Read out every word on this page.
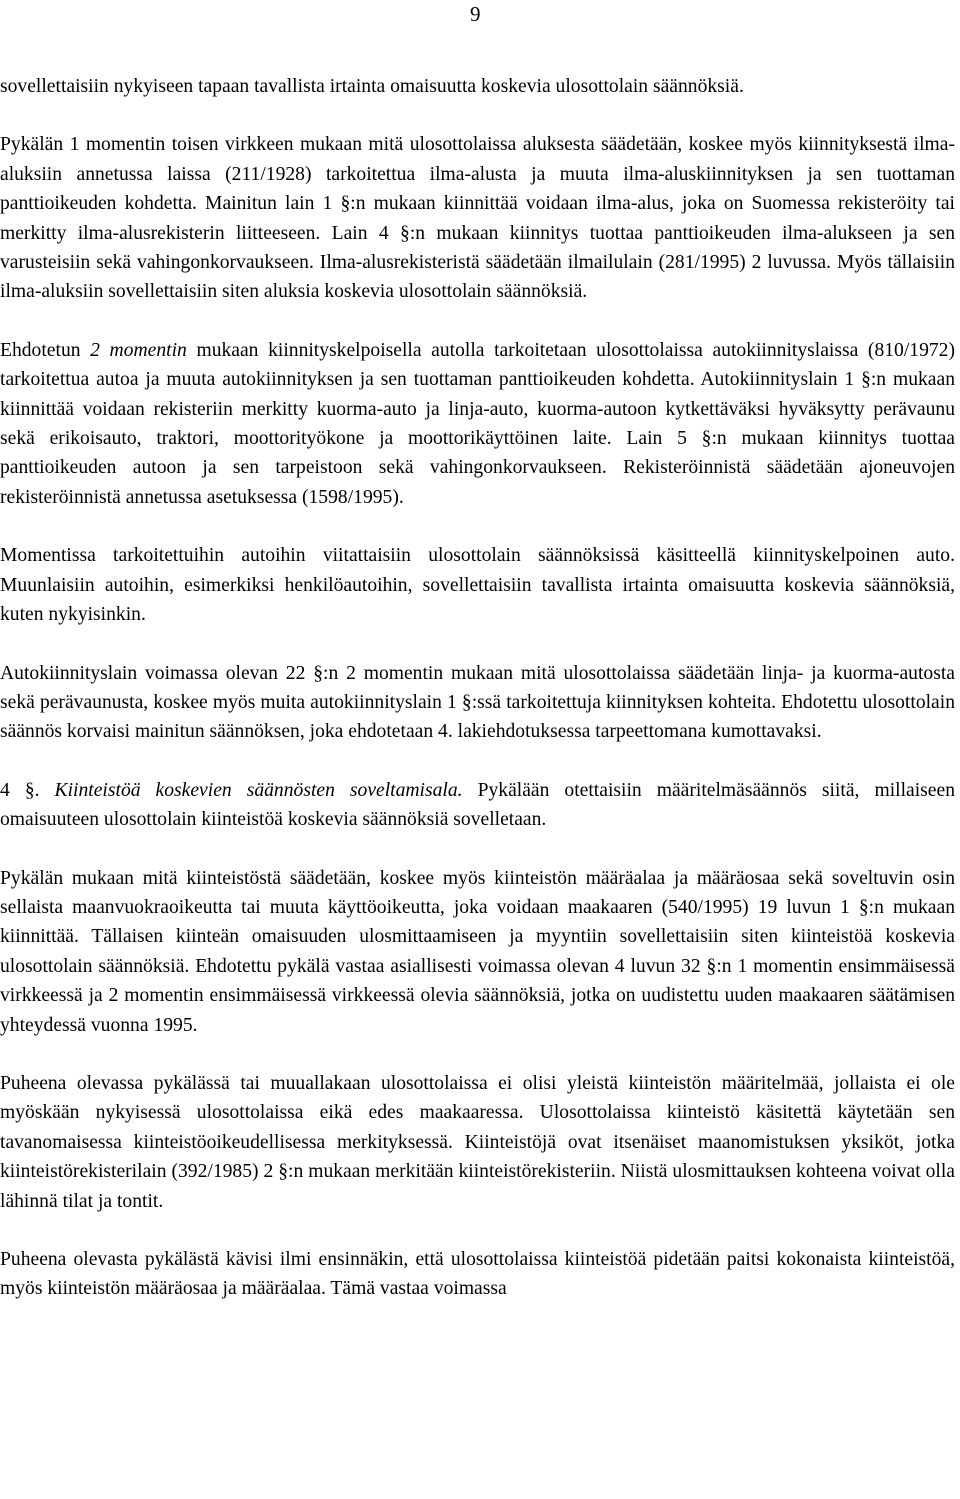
9

sovellettaisiin nykyiseen tapaan tavallista irtainta omaisuutta koskevia ulosottolain säännöksiä.

Pykälän 1 momentin toisen virkkeen mukaan mitä ulosottolaissa aluksesta säädetään, koskee myös kiinnityksestä ilma-aluksiin annetussa laissa (211/1928) tarkoitettua ilma-alusta ja muuta ilma-aluskiinnityksen ja sen tuottaman panttioikeuden kohdetta. Mainitun lain 1 §:n mukaan kiinnittää voidaan ilma-alus, joka on Suomessa rekisteröity tai merkitty ilma-alusrekisterin liitteeseen. Lain 4 §:n mukaan kiinnitys tuottaa panttioikeuden ilma-alukseen ja sen varusteisiin sekä vahingonkorvaukseen. Ilma-alusrekisteristä säädetään ilmailulain (281/1995) 2 luvussa. Myös tällaisiin ilma-aluksiin sovellettaisiin siten aluksia koskevia ulosottolain säännöksiä.

Ehdotetun 2 momentin mukaan kiinnityskelpoisella autolla tarkoitetaan ulosottolaissa autokiinnityslaissa (810/1972) tarkoitettua autoa ja muuta autokiinnityksen ja sen tuottaman panttioikeuden kohdetta. Autokiinnityslain 1 §:n mukaan kiinnittää voidaan rekisteriin merkitty kuorma-auto ja linja-auto, kuorma-autoon kytkettäväksi hyväksytty perävaunu sekä erikoisauto, traktori, moottorityökone ja moottorikäyttöinen laite. Lain 5 §:n mukaan kiinnitys tuottaa panttioikeuden autoon ja sen tarpeistoon sekä vahingonkorvaukseen. Rekisteröinnistä säädetään ajoneuvojen rekisteröinnistä annetussa asetuksessa (1598/1995).

Momentissa tarkoitettuihin autoihin viitattaisiin ulosottolain säännöksissä käsitteellä kiinnityskelpoinen auto. Muunlaisiin autoihin, esimerkiksi henkilöautoihin, sovellettaisiin tavallista irtainta omaisuutta koskevia säännöksiä, kuten nykyisinkin.

Autokiinnityslain voimassa olevan 22 §:n 2 momentin mukaan mitä ulosottolaissa säädetään linja- ja kuorma-autosta sekä perävaunusta, koskee myös muita autokiinnityslain 1 §:ssä tarkoitettuja kiinnityksen kohteita. Ehdotettu ulosottolain säännös korvaisi mainitun säännöksen, joka ehdotetaan 4. lakiehdotuksessa tarpeettomana kumottavaksi.

4 §. Kiinteistöä koskevien säännösten soveltamisala. Pykälään otettaisiin määritelmäsäännös siitä, millaiseen omaisuuteen ulosottolain kiinteistöä koskevia säännöksiä sovelletaan.

Pykälän mukaan mitä kiinteistöstä säädetään, koskee myös kiinteistön määräalaa ja määräosaa sekä soveltuvin osin sellaista maanvuokraoikeutta tai muuta käyttöoikeutta, joka voidaan maakaaren (540/1995) 19 luvun 1 §:n mukaan kiinnittää. Tällaisen kiinteän omaisuuden ulosmittaamiseen ja myyntiin sovellettaisiin siten kiinteistöä koskevia ulosottolain säännöksiä. Ehdotettu pykälä vastaa asiallisesti voimassa olevan 4 luvun 32 §:n 1 momentin ensimmäisessä virkkeessä ja 2 momentin ensimmäisessä virkkeessä olevia säännöksiä, jotka on uudistettu uuden maakaaren säätämisen yhteydessä vuonna 1995.

Puheena olevassa pykälässä tai muuallakaan ulosottolaissa ei olisi yleistä kiinteistön määritelmää, jollaista ei ole myöskään nykyisessä ulosottolaissa eikä edes maakaaressa. Ulosottolaissa kiinteistö käsitettä käytetään sen tavanomaisessa kiinteistöoikeudellisessa merkityksessä. Kiinteistöjä ovat itsenäiset maanomistuksen yksiköt, jotka kiinteistörekisterilain (392/1985) 2 §:n mukaan merkitään kiinteistörekisteriin. Niistä ulosmittauksen kohteena voivat olla lähinnä tilat ja tontit.

Puheena olevasta pykälästä kävisi ilmi ensinnäkin, että ulosottolaissa kiinteistöä pidetään paitsi kokonaista kiinteistöä, myös kiinteistön määräosaa ja määräalaa. Tämä vastaa voimassa
